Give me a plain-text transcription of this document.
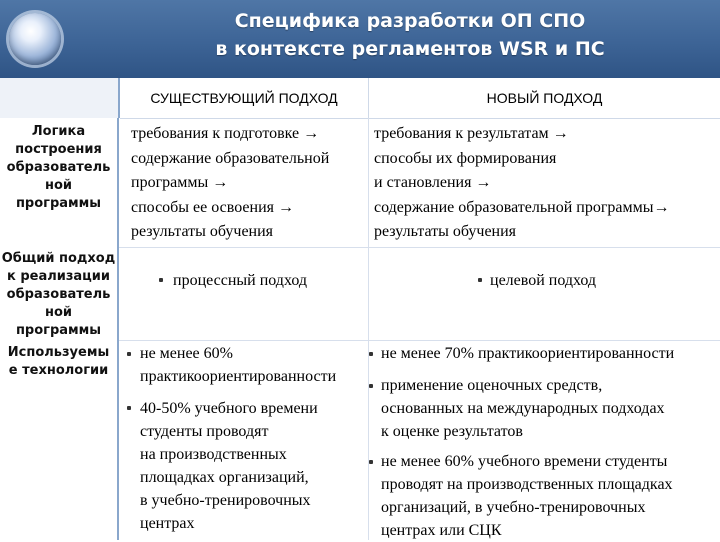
Специфика разработки ОП СПО
в контексте регламентов WSR и ПС
СУЩЕСТВУЮЩИЙ ПОДХОД	НОВЫЙ ПОДХОД
Логика
построения
образователь
ной
программы
требования к подготовке →
содержание образовательной
программы →
способы ее освоения →
результаты обучения
требования к результатам →
способы их формирования
и становления →
содержание образовательной программы→
результаты обучения
Общий подход
к реализации
образователь
ной
программы
процессный подход	целевой подход
Используемы
е технологии
не менее 60%
практикоориентированности
40-50% учебного времени
студенты проводят
на производственных
площадках организаций,
в учебно-тренировочных
центрах
не менее 70% практикоориентированности
применение оценочных средств,
основанных на международных подходах
к оценке результатов
не менее 60% учебного времени студенты
проводят на производственных площадках
организаций, в учебно-тренировочных
центрах или СЦК
